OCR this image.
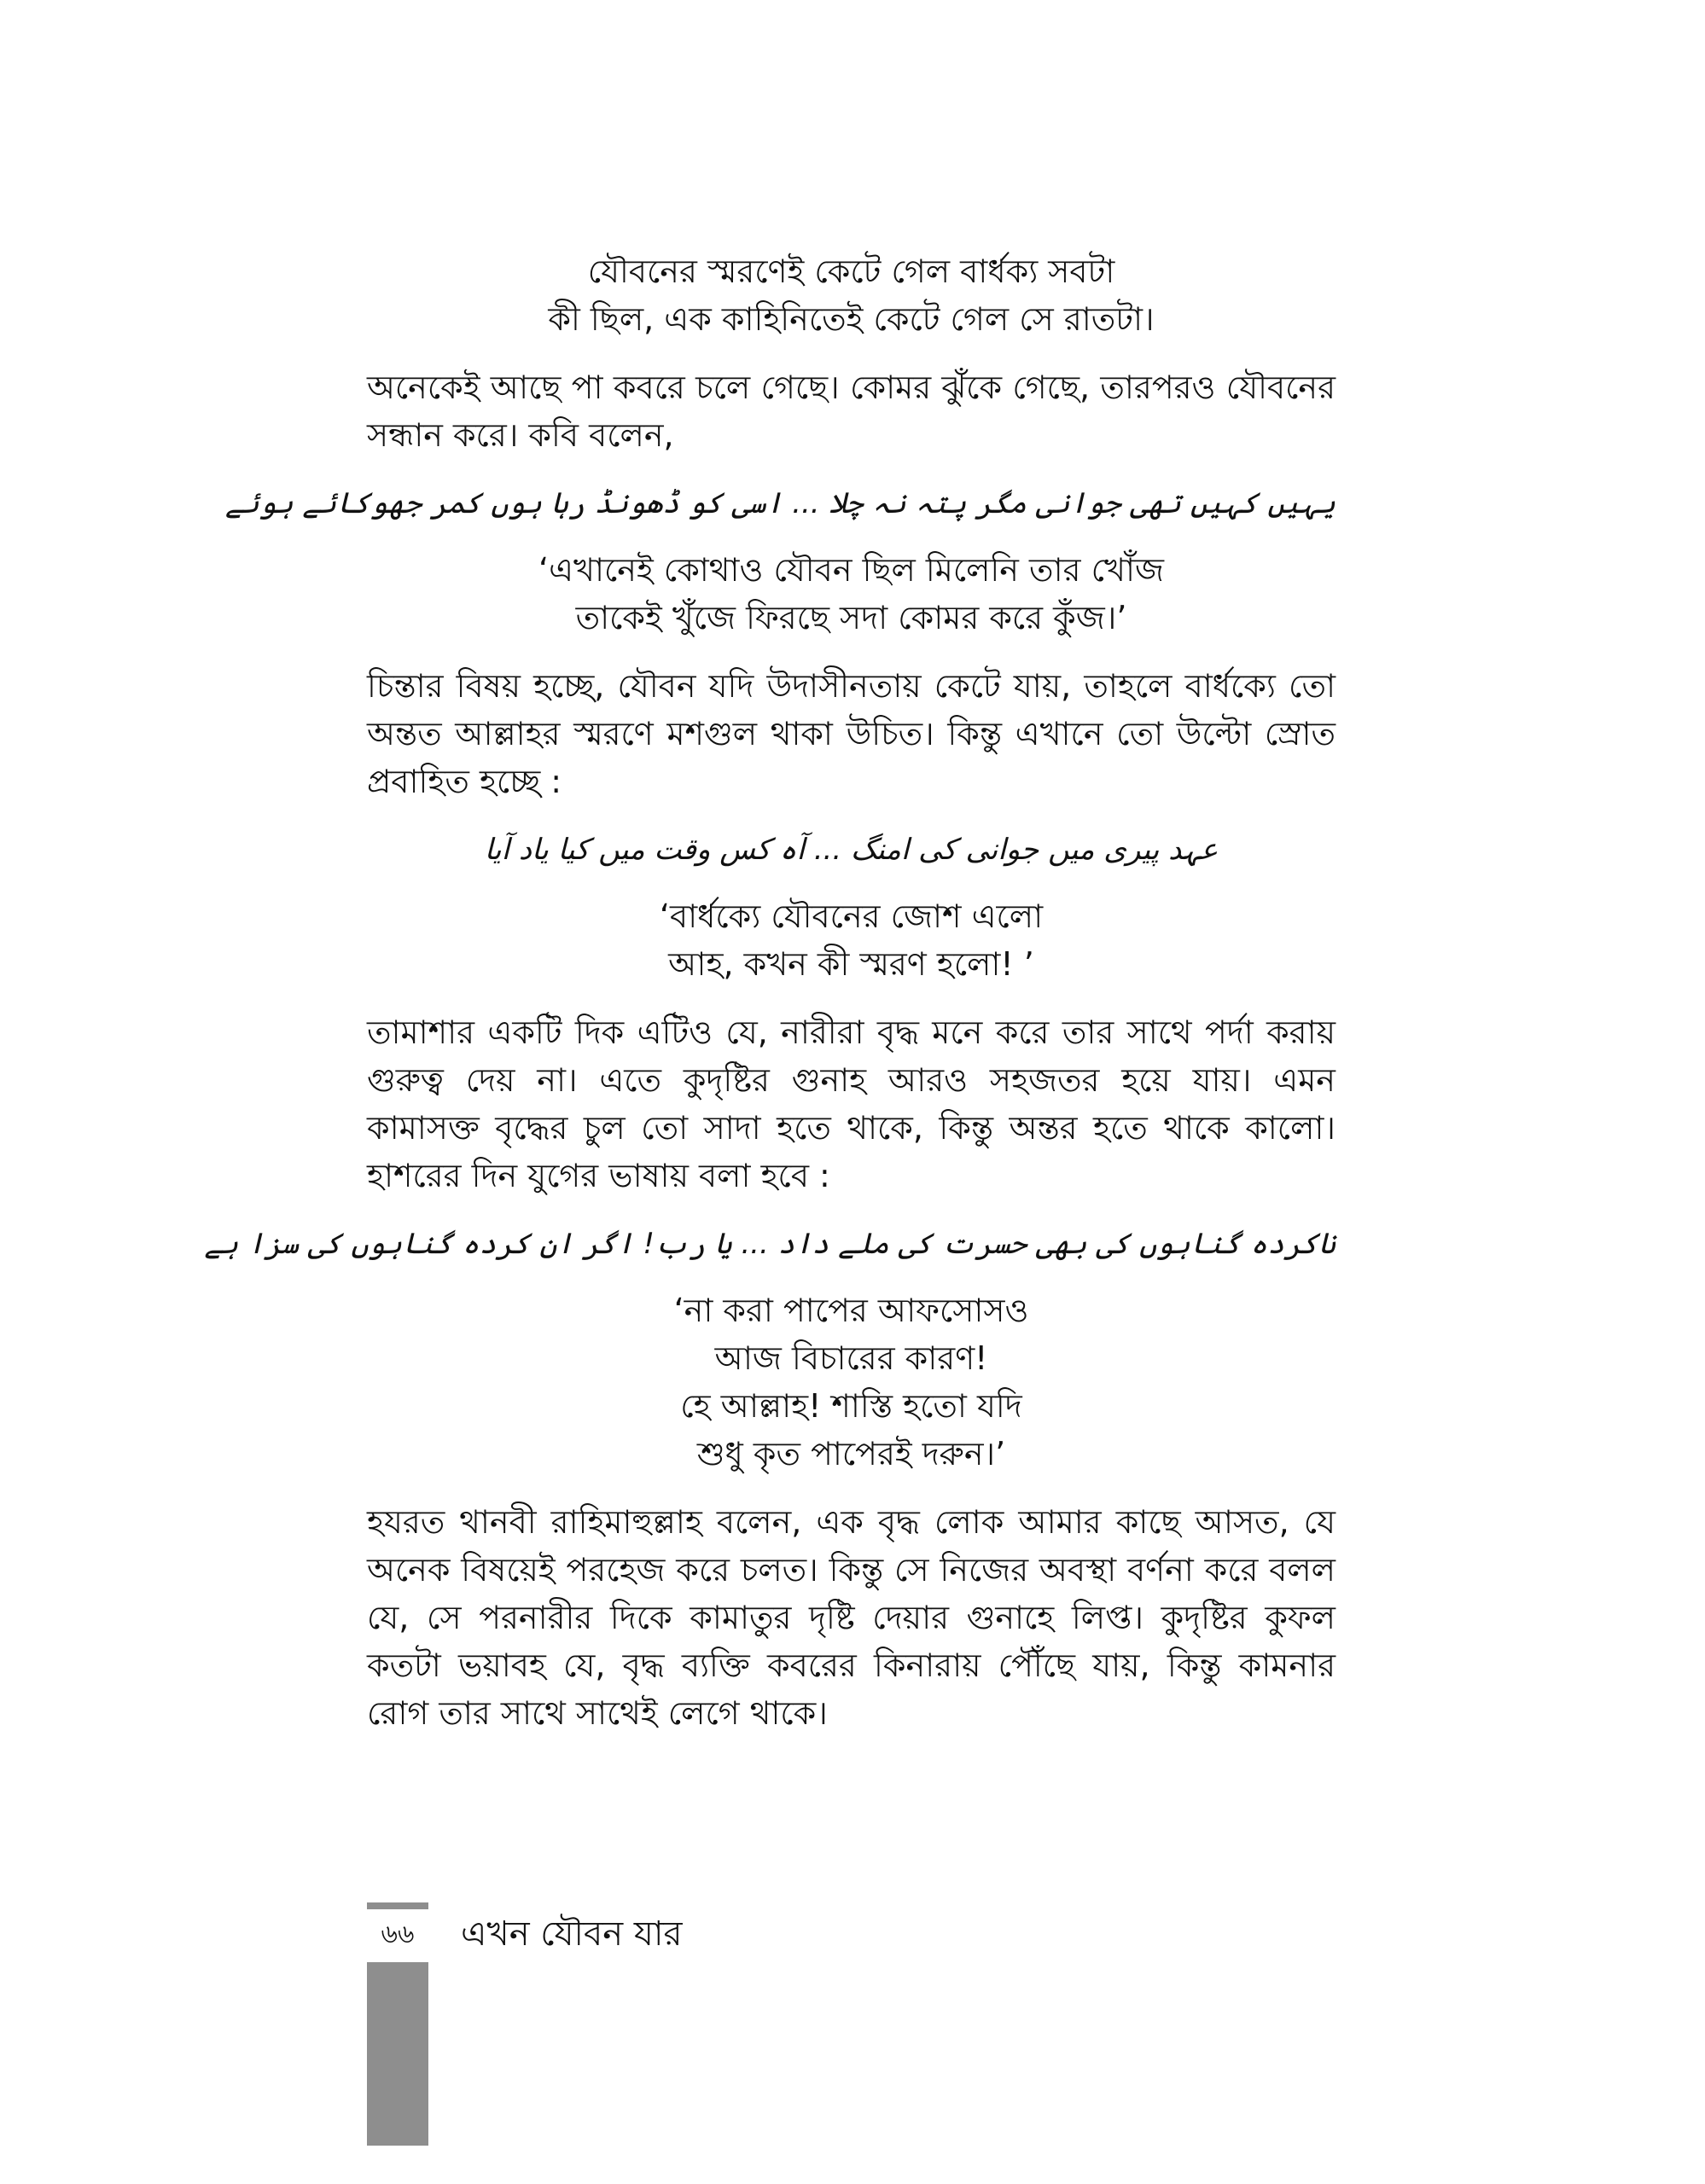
যৌবনের স্মরণেই কেটে গেল বার্ধক্য সবটা
কী ছিল, এক কাহিনিতেই কেটে গেল সে রাতটা।

অনেকেই আছে পা কবরে চলে গেছে। কোমর ঝুঁকে গেছে, তারপরও যৌবনের সন্ধান করে। কবি বলেন,

یہیں کہیں تھی جوانی مگر پتہ نہ چلا ... اسی کو ڈھونڈ رہا ہوں کمر جھوکائے ہوئے

‘এখানেই কোথাও যৌবন ছিল মিলেনি তার খোঁজ
তাকেই খুঁজে ফিরছে সদা কোমর করে কুঁজ।’

চিন্তার বিষয় হচ্ছে, যৌবন যদি উদাসীনতায় কেটে যায়, তাহলে বার্ধক্যে তো অন্তত আল্লাহর স্মরণে মশগুল থাকা উচিত। কিন্তু এখানে তো উল্টো স্রোত প্রবাহিত হচ্ছে :

عہد پیری میں جوانی کی امنگ ... آہ کس وقت میں کیا یاد آیا

‘বার্ধক্যে যৌবনের জোশ এলো
আহ, কখন কী স্মরণ হলো! ’

তামাশার একটি দিক এটিও যে, নারীরা বৃদ্ধ মনে করে তার সাথে পর্দা করায় গুরুত্ব দেয় না। এতে কুদৃষ্টির গুনাহ আরও সহজতর হয়ে যায়। এমন কামাসক্ত বৃদ্ধের চুল তো সাদা হতে থাকে, কিন্তু অন্তর হতে থাকে কালো। হাশরের দিন যুগের ভাষায় বলা হবে :

ناکردہ گناہوں کی بھی حسرت کی ملے داد ... یا رب! اگر ان کردہ گناہوں کی سزا ہے

‘না করা পাপের আফসোসও
আজ বিচারের কারণ!
হে আল্লাহ! শাস্তি হতো যদি
শুধু কৃত পাপেরই দরুন।’

হযরত থানবী রাহিমাহুল্লাহ বলেন, এক বৃদ্ধ লোক আমার কাছে আসত, যে অনেক বিষয়েই পরহেজ করে চলত। কিন্তু সে নিজের অবস্থা বর্ণনা করে বলল যে, সে পরনারীর দিকে কামাতুর দৃষ্টি দেয়ার গুনাহে লিপ্ত। কুদৃষ্টির কুফল কতটা ভয়াবহ যে, বৃদ্ধ ব্যক্তি কবরের কিনারায় পৌঁছে যায়, কিন্তু কামনার রোগ তার সাথে সাথেই লেগে থাকে।

৬৬	এখন যৌবন যার
